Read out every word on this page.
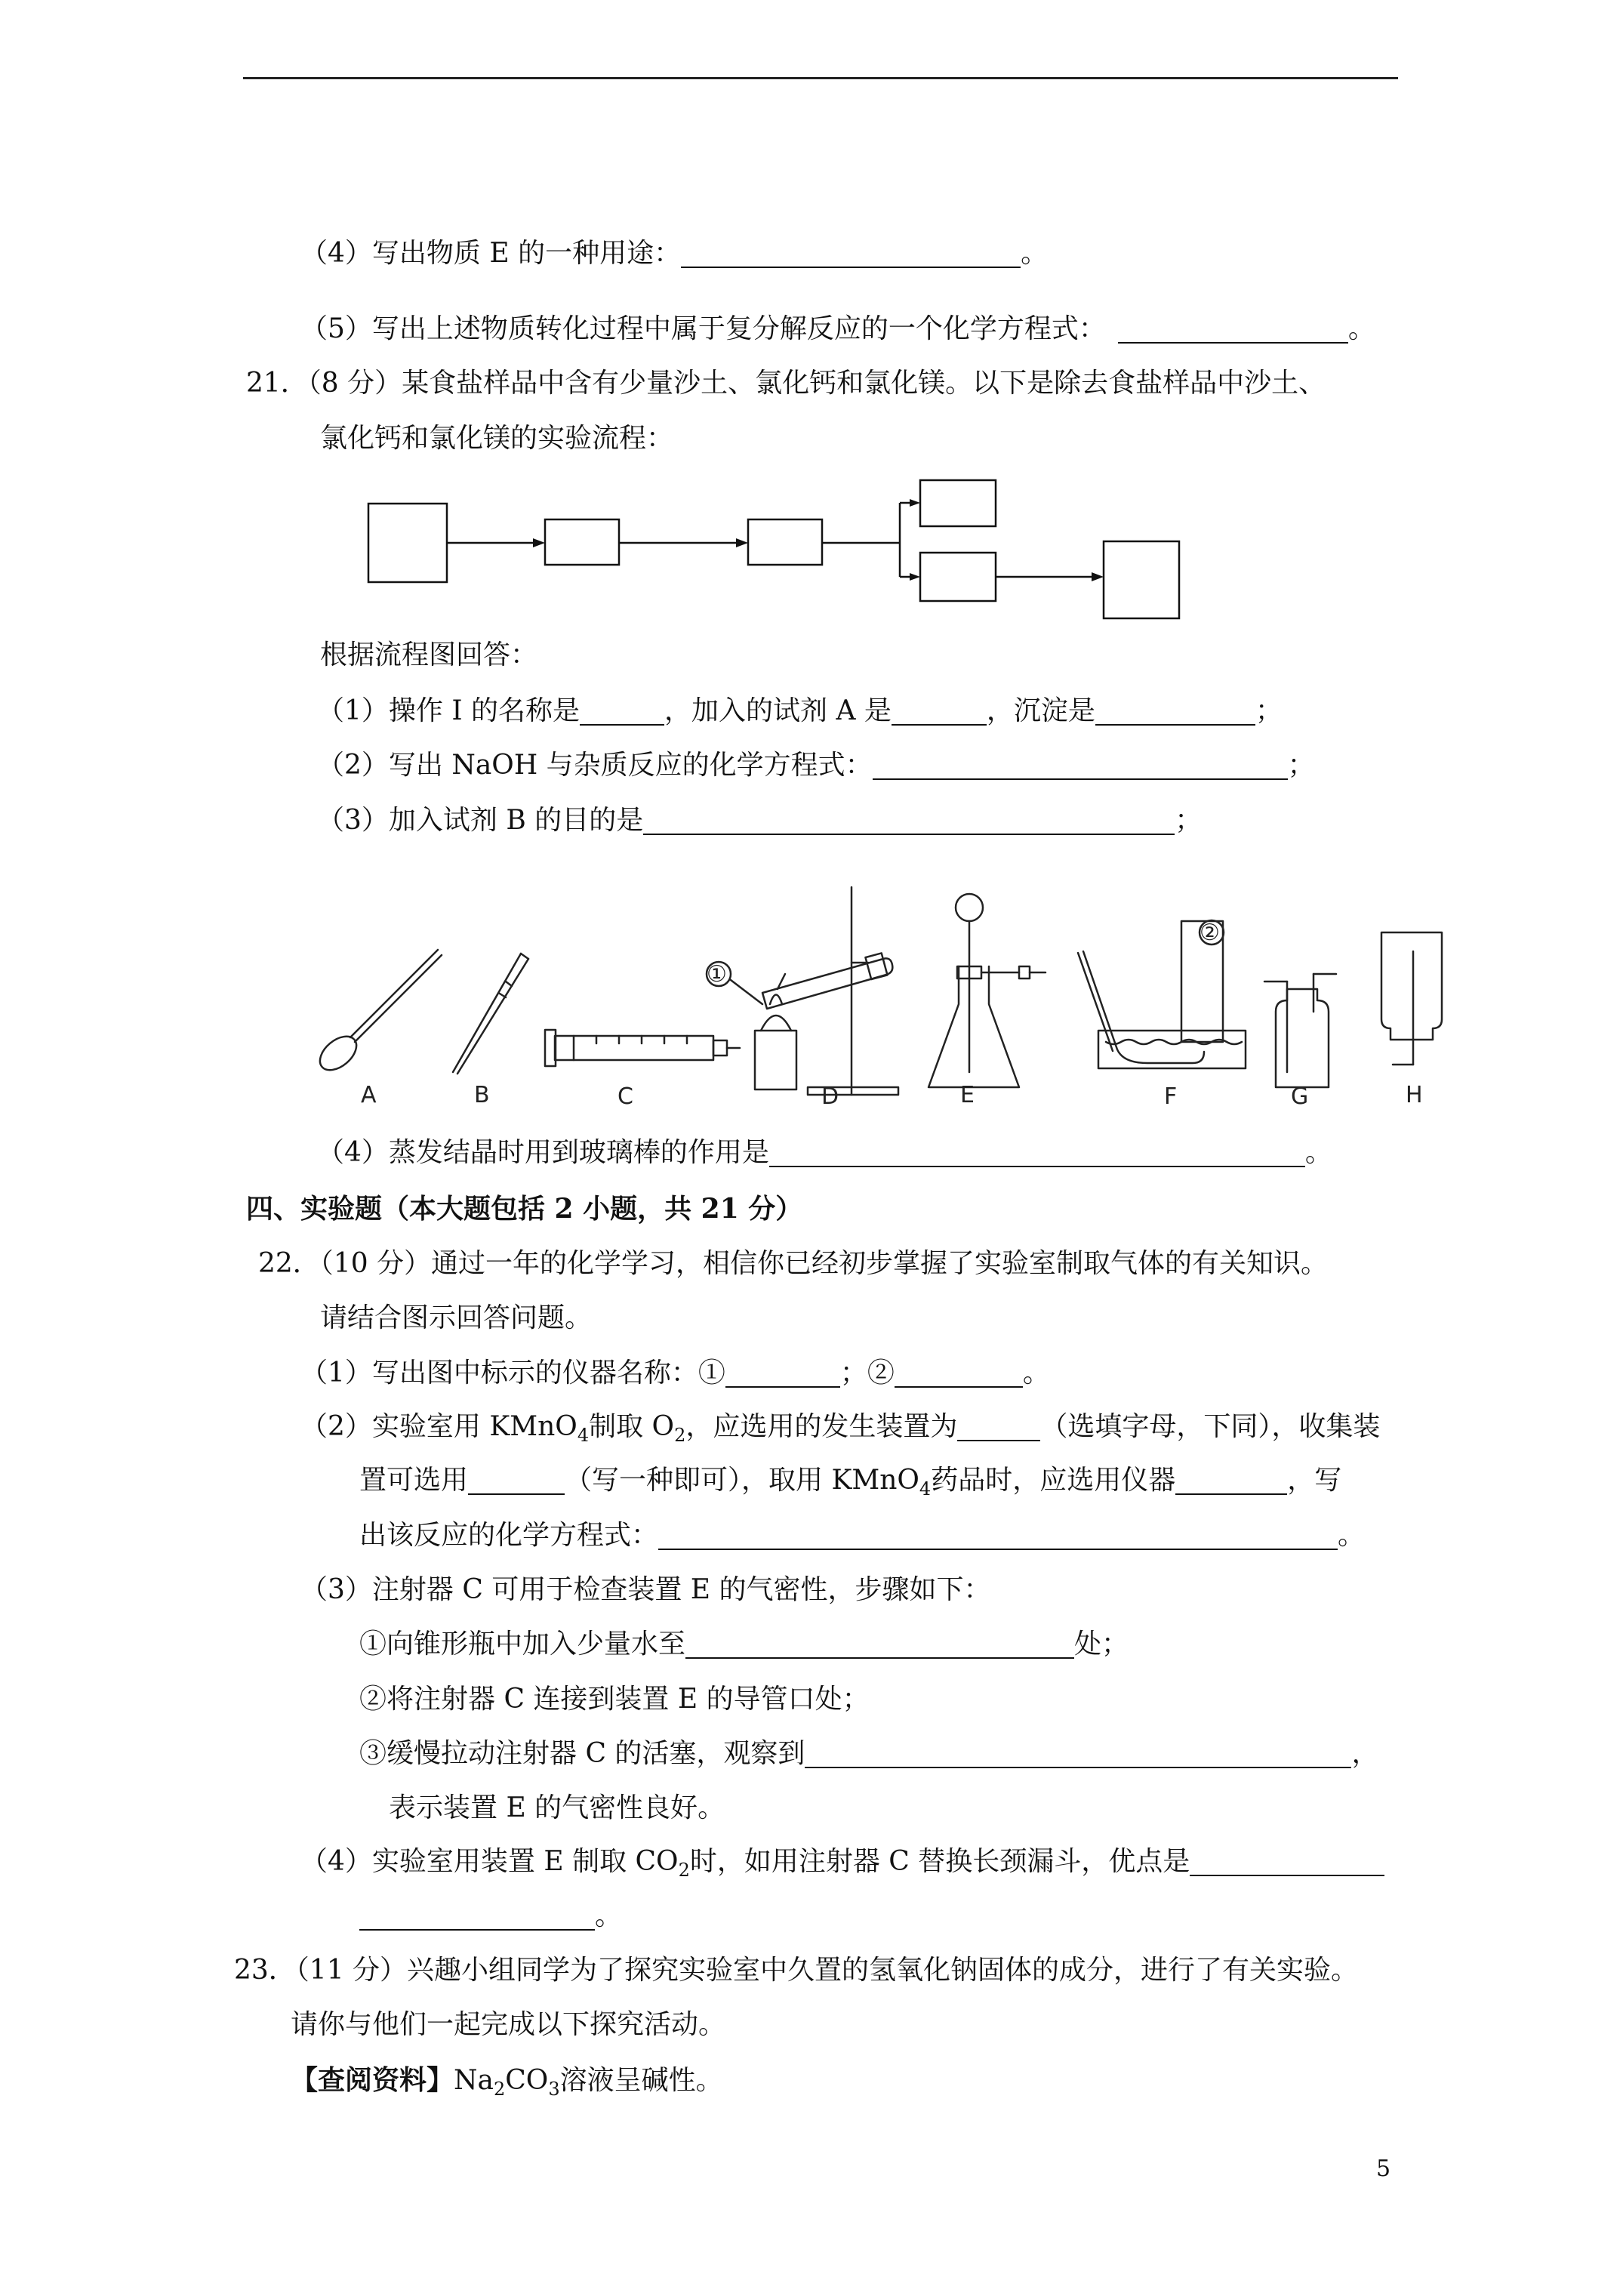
（4）写出物质 E 的一种用途：	。
（5）写出上述物质转化过程中属于复分解反应的一个化学方程式：	。
21．（8 分）某食盐样品中含有少量沙土、氯化钙和氯化镁。以下是除去食盐样品中沙土、
氯化钙和氯化镁的实验流程：
根据流程图回答：
（1）操作 I 的名称是	，加入的试剂 A 是	，沉淀是	；
（2）写出 NaOH 与杂质反应的化学方程式：	；
（3）加入试剂 B 的目的是	；
A	B	C	D	E	F	G	H
①
②
（4）蒸发结晶时用到玻璃棒的作用是	。
四、实验题（本大题包括 2 小题，共 21 分）
22．（10 分）通过一年的化学学习，相信你已经初步掌握了实验室制取气体的有关知识。
请结合图示回答问题。
（1）写出图中标示的仪器名称：①	；②	。
（2）实验室用 KMnO$_4$制取 $O_2$，应选用的发生装置为	（选填字母，下同），收集装
置可选用	（写一种即可），取用 KMnO$_4$药品时，应选用仪器	，写
出该反应的化学方程式：	。
（3）注射器 C 可用于检查装置 E 的气密性，步骤如下：
①向锥形瓶中加入少量水至	处；
②将注射器 C 连接到装置 E 的导管口处；
③缓慢拉动注射器 C 的活塞，观察到	，
表示装置 E 的气密性良好。
（4）实验室用装置 E 制取 $CO_2$时，如用注射器 C 替换长颈漏斗，优点是
。
23．（11 分）兴趣小组同学为了探究实验室中久置的氢氧化钠固体的成分，进行了有关实验。
请你与他们一起完成以下探究活动。
【查阅资料】$Na_2CO_3$溶液呈碱性。
5
